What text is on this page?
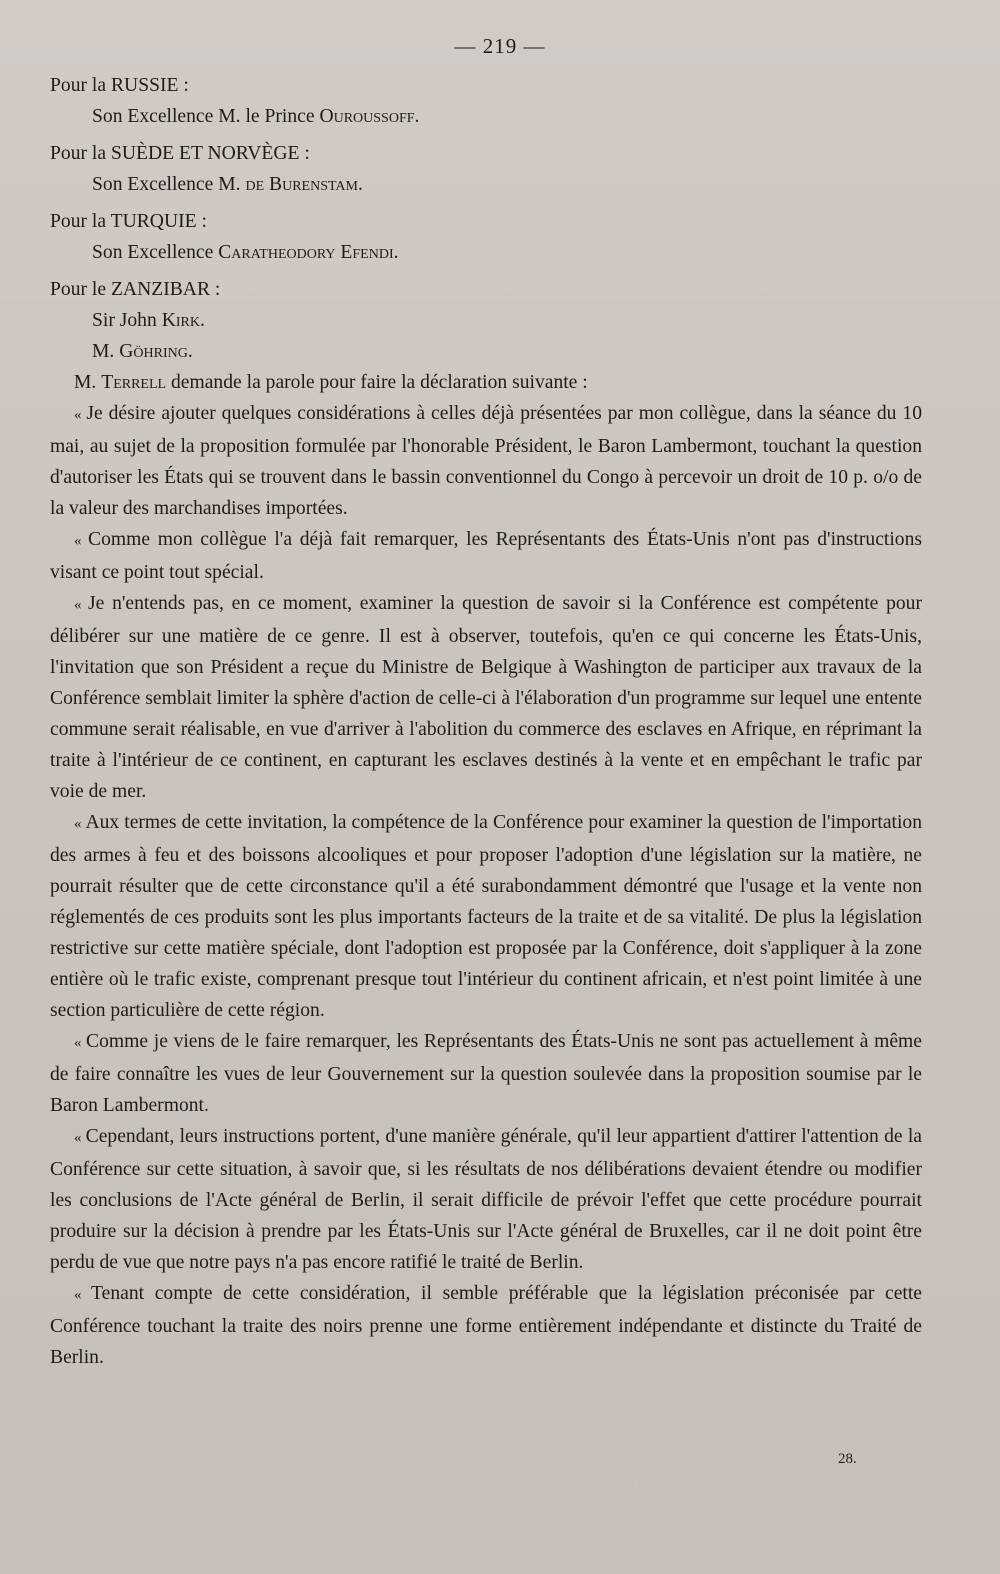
— 219 —

Pour la RUSSIE :

Son Excellence M. le Prince Ouroussoff.

Pour la SUÈDE ET NORVÈGE :

Son Excellence M. de Burenstam.

Pour la TURQUIE :

Son Excellence Caratheodory Efendi.

Pour le ZANZIBAR :

Sir John Kirk.

M. Göhring.

M. Terrell demande la parole pour faire la déclaration suivante :

« Je désire ajouter quelques considérations à celles déjà présentées par mon collègue, dans la séance du 10 mai, au sujet de la proposition formulée par l'honorable Président, le Baron Lambermont, touchant la question d'autoriser les États qui se trouvent dans le bassin conventionnel du Congo à percevoir un droit de 10 p. o/o de la valeur des marchandises importées.

« Comme mon collègue l'a déjà fait remarquer, les Représentants des États-Unis n'ont pas d'instructions visant ce point tout spécial.

« Je n'entends pas, en ce moment, examiner la question de savoir si la Conférence est compétente pour délibérer sur une matière de ce genre. Il est à observer, toutefois, qu'en ce qui concerne les États-Unis, l'invitation que son Président a reçue du Ministre de Belgique à Washington de participer aux travaux de la Conférence semblait limiter la sphère d'action de celle-ci à l'élaboration d'un programme sur lequel une entente commune serait réalisable, en vue d'arriver à l'abolition du commerce des esclaves en Afrique, en réprimant la traite à l'intérieur de ce continent, en capturant les esclaves destinés à la vente et en empêchant le trafic par voie de mer.

« Aux termes de cette invitation, la compétence de la Conférence pour examiner la question de l'importation des armes à feu et des boissons alcooliques et pour proposer l'adoption d'une législation sur la matière, ne pourrait résulter que de cette circonstance qu'il a été surabondamment démontré que l'usage et la vente non réglementés de ces produits sont les plus importants facteurs de la traite et de sa vitalité. De plus la législation restrictive sur cette matière spéciale, dont l'adoption est proposée par la Conférence, doit s'appliquer à la zone entière où le trafic existe, comprenant presque tout l'intérieur du continent africain, et n'est point limitée à une section particulière de cette région.

« Comme je viens de le faire remarquer, les Représentants des États-Unis ne sont pas actuellement à même de faire connaître les vues de leur Gouvernement sur la question soulevée dans la proposition soumise par le Baron Lambermont.

« Cependant, leurs instructions portent, d'une manière générale, qu'il leur appartient d'attirer l'attention de la Conférence sur cette situation, à savoir que, si les résultats de nos délibérations devaient étendre ou modifier les conclusions de l'Acte général de Berlin, il serait difficile de prévoir l'effet que cette procédure pourrait produire sur la décision à prendre par les États-Unis sur l'Acte général de Bruxelles, car il ne doit point être perdu de vue que notre pays n'a pas encore ratifié le traité de Berlin.

« Tenant compte de cette considération, il semble préférable que la législation préconisée par cette Conférence touchant la traite des noirs prenne une forme entièrement indépendante et distincte du Traité de Berlin.

28.
